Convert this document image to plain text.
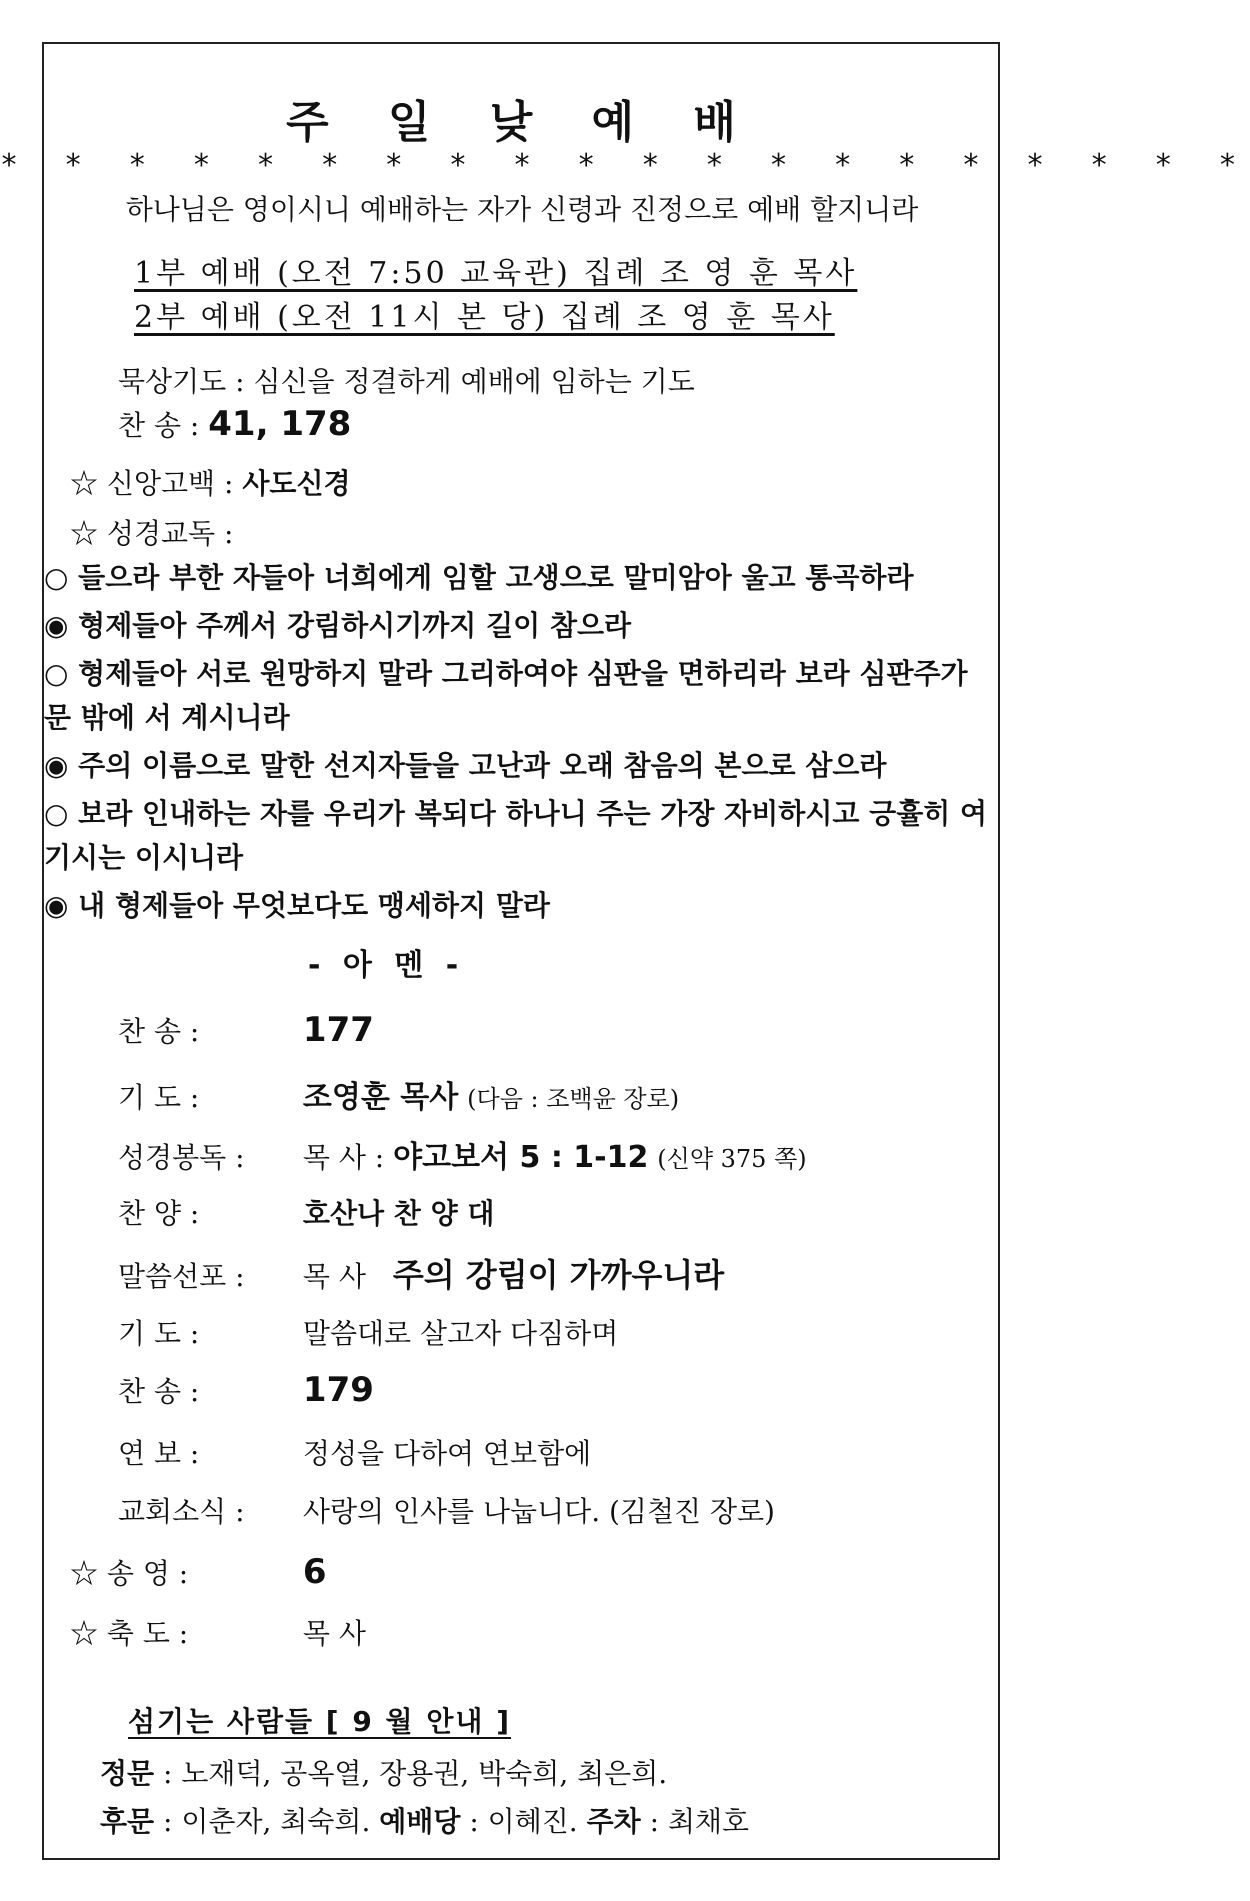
주 일 낮 예 배
* * * * * * * * * * * * * * * * * * * *
하나님은 영이시니 예배하는 자가 신령과 진정으로 예배 할지니라
1부 예배 (오전 7:50 교육관) 집례 조 영 훈 목사
2부 예배 (오전 11시 본 당) 집례 조 영 훈 목사
묵상기도 : 심신을 정결하게 예배에 임하는 기도
찬 송 : 41, 178
☆ 신앙고백 : 사도신경
☆ 성경교독 :
○ 들으라 부한 자들아 너희에게 임할 고생으로 말미암아 울고 통곡하라
◉ 형제들아 주께서 강림하시기까지 길이 참으라
○ 형제들아 서로 원망하지 말라 그리하여야 심판을 면하리라 보라 심판주가 문 밖에 서 계시니라
◉ 주의 이름으로 말한 선지자들을 고난과 오래 참음의 본으로 삼으라
○ 보라 인내하는 자를 우리가 복되다 하나니 주는 가장 자비하시고 긍휼히 여기시는 이시니라
◉ 내 형제들아 무엇보다도 맹세하지 말라
- 아 멘 -
찬 송 :	177
기 도 :	조영훈 목사 (다음 : 조백윤 장로)
성경봉독 : 목 사 : 야고보서 5 : 1-12 (신약 375 쪽)
찬 양 :	호산나 찬 양 대
말씀선포 : 목 사 주의 강림이 가까우니라
기 도 :	말씀대로 살고자 다짐하며
찬 송 :	179
연 보 :	정성을 다하여 연보함에
교회소식 : 사랑의 인사를 나눕니다. (김철진 장로)
☆ 송 영 :	6
☆ 축 도 :	목 사
섬기는 사람들 [ 9 월 안내 ]
정문 : 노재덕, 공옥열, 장용권, 박숙희, 최은희.
후문 : 이춘자, 최숙희. 예배당 : 이혜진. 주차 : 최채호
